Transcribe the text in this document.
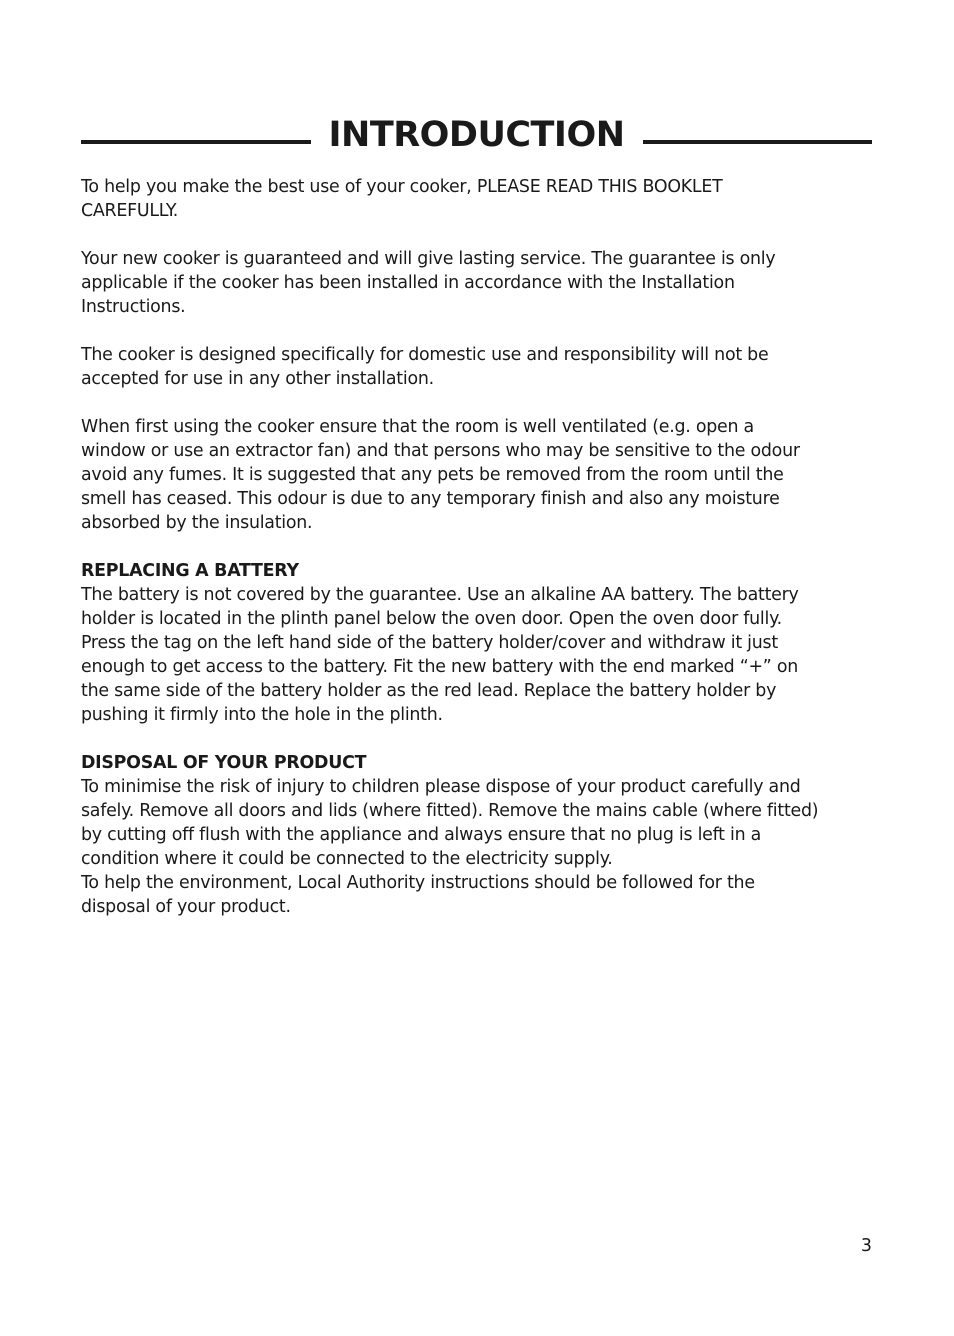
INTRODUCTION

To help you make the best use of your cooker, PLEASE READ THIS BOOKLET
CAREFULLY.

Your new cooker is guaranteed and will give lasting service. The guarantee is only
applicable if the cooker has been installed in accordance with the Installation
Instructions.

The cooker is designed specifically for domestic use and responsibility will not be
accepted for use in any other installation.

When first using the cooker ensure that the room is well ventilated (e.g. open a
window or use an extractor fan) and that persons who may be sensitive to the odour
avoid any fumes. It is suggested that any pets be removed from the room until the
smell has ceased. This odour is due to any temporary finish and also any moisture
absorbed by the insulation.

REPLACING A BATTERY

The battery is not covered by the guarantee. Use an alkaline AA battery. The battery
holder is located in the plinth panel below the oven door. Open the oven door fully.
Press the tag on the left hand side of the battery holder/cover and withdraw it just
enough to get access to the battery. Fit the new battery with the end marked “+” on
the same side of the battery holder as the red lead. Replace the battery holder by
pushing it firmly into the hole in the plinth.

DISPOSAL OF YOUR PRODUCT

To minimise the risk of injury to children please dispose of your product carefully and
safely. Remove all doors and lids (where fitted). Remove the mains cable (where fitted)
by cutting off flush with the appliance and always ensure that no plug is left in a
condition where it could be connected to the electricity supply.

To help the environment, Local Authority instructions should be followed for the
disposal of your product.

3
